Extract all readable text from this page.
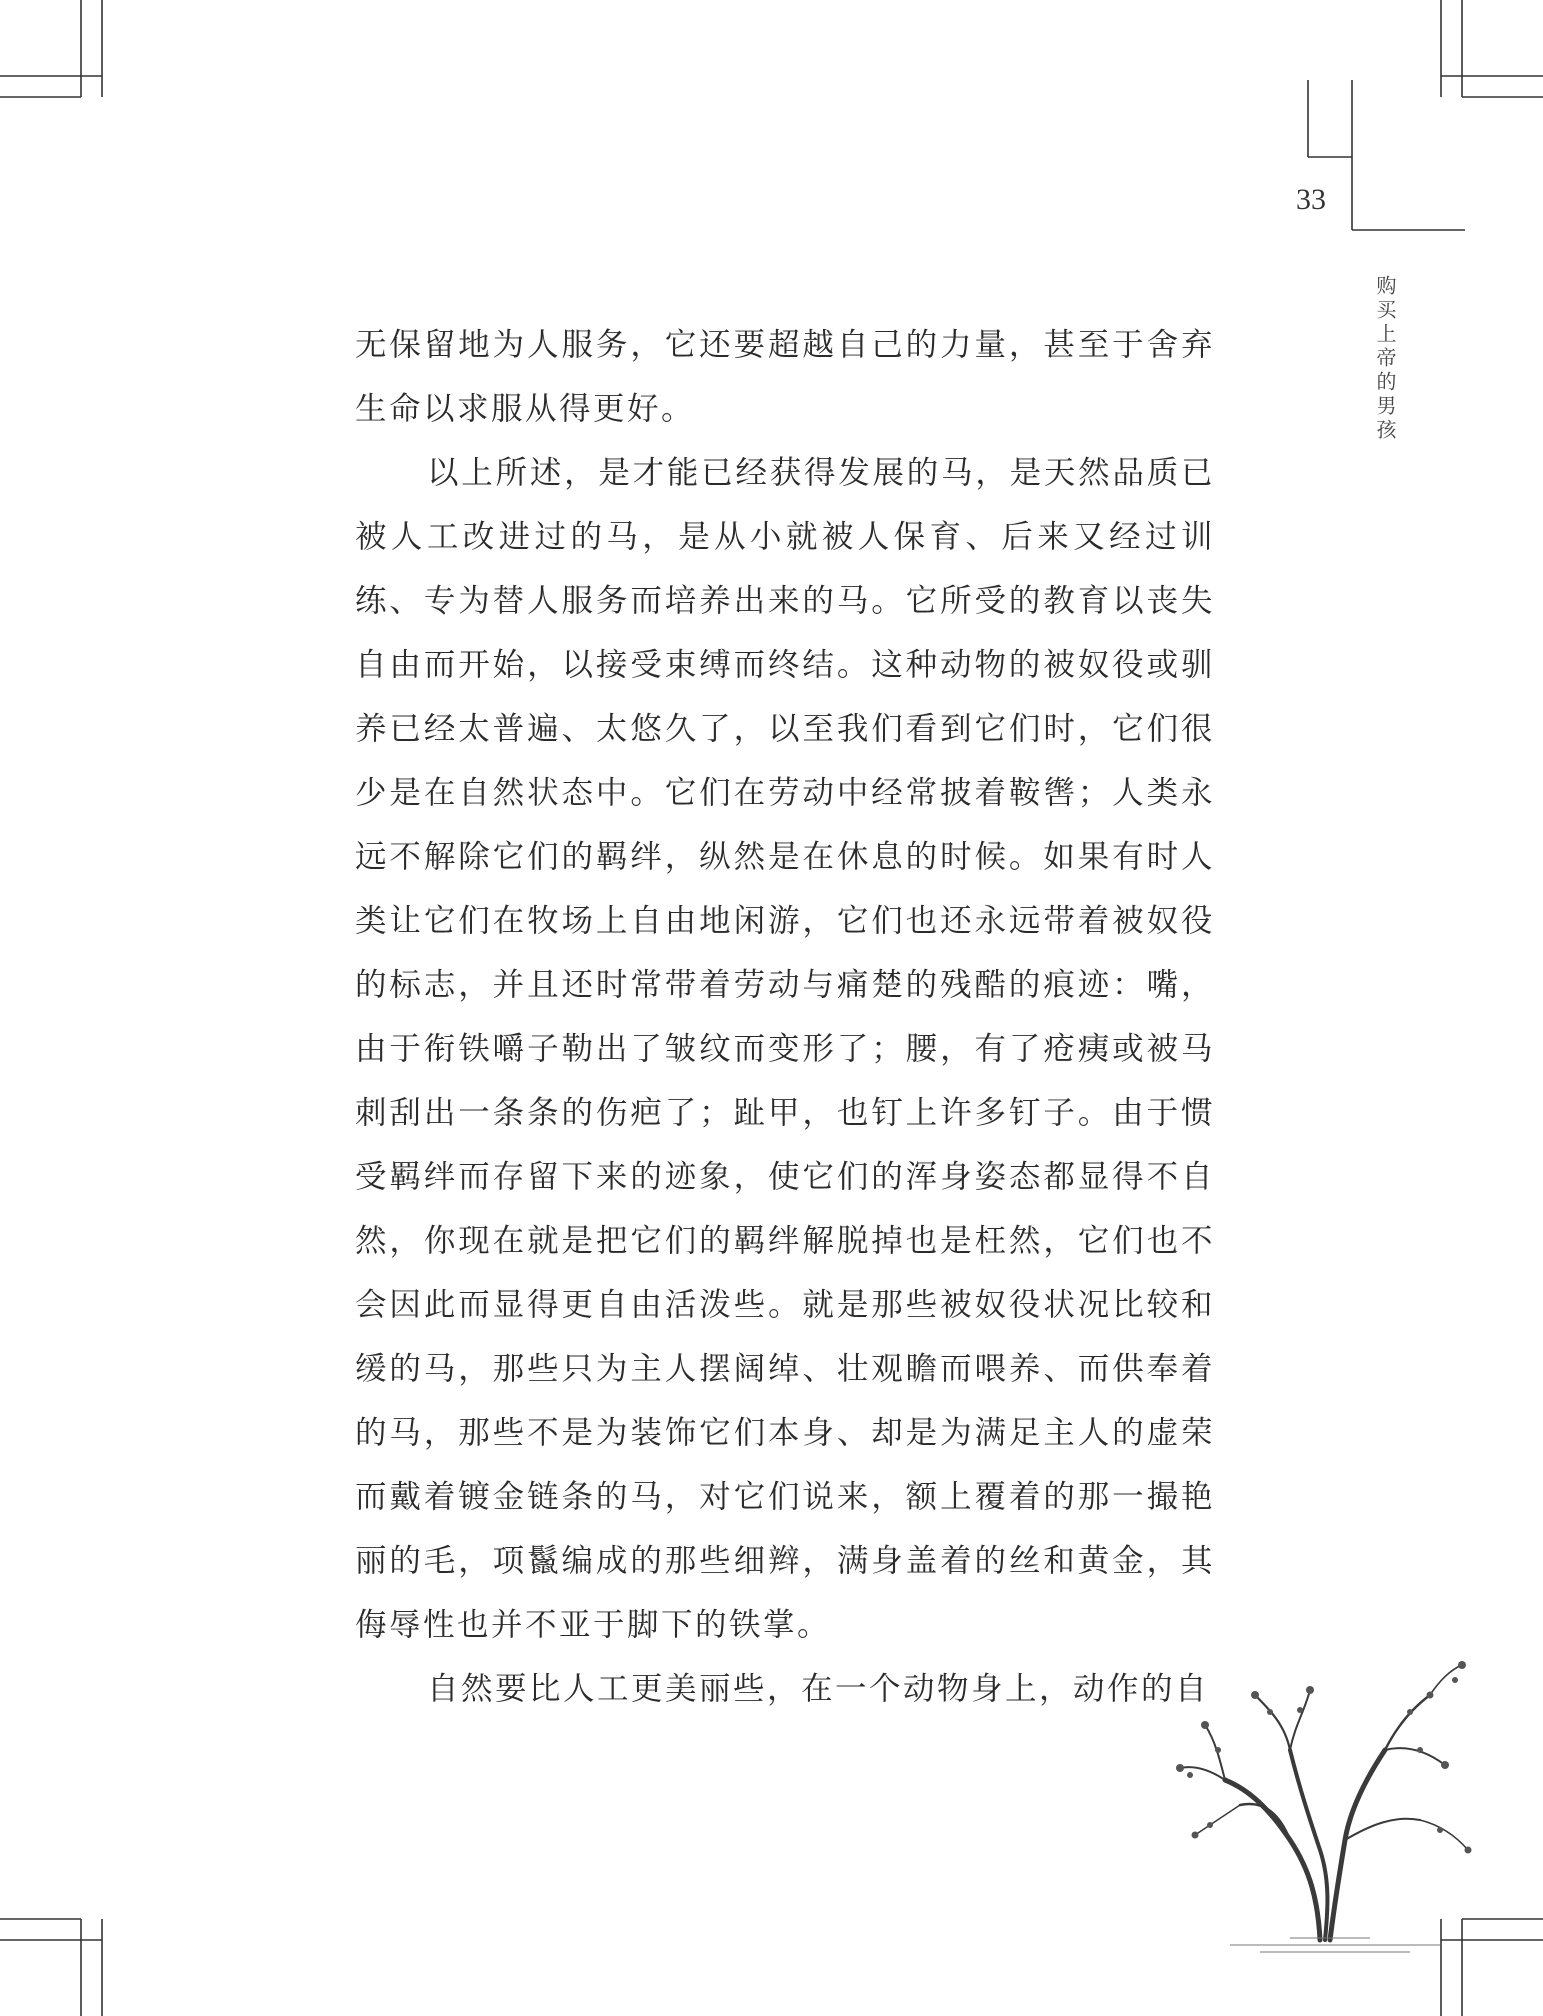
33
购买上帝的男孩

无保留地为人服务，它还要超越自己的力量，甚至于舍弃生命以求服从得更好。

以上所述，是才能已经获得发展的马，是天然品质已被人工改进过的马，是从小就被人保育、后来又经过训练、专为替人服务而培养出来的马。它所受的教育以丧失自由而开始，以接受束缚而终结。这种动物的被奴役或驯养已经太普遍、太悠久了，以至我们看到它们时，它们很少是在自然状态中。它们在劳动中经常披着鞍辔；人类永远不解除它们的羁绊，纵然是在休息的时候。如果有时人类让它们在牧场上自由地闲游，它们也还永远带着被奴役的标志，并且还时常带着劳动与痛楚的残酷的痕迹：嘴，由于衔铁嚼子勒出了皱纹而变形了；腰，有了疮痍或被马刺刮出一条条的伤疤了；趾甲，也钉上许多钉子。由于惯受羁绊而存留下来的迹象，使它们的浑身姿态都显得不自然，你现在就是把它们的羁绊解脱掉也是枉然，它们也不会因此而显得更自由活泼些。就是那些被奴役状况比较和缓的马，那些只为主人摆阔绰、壮观瞻而喂养、而供奉着的马，那些不是为装饰它们本身、却是为满足主人的虚荣而戴着镀金链条的马，对它们说来，额上覆着的那一撮艳丽的毛，项鬣编成的那些细辫，满身盖着的丝和黄金，其侮辱性也并不亚于脚下的铁掌。

自然要比人工更美丽些，在一个动物身上，动作的自
